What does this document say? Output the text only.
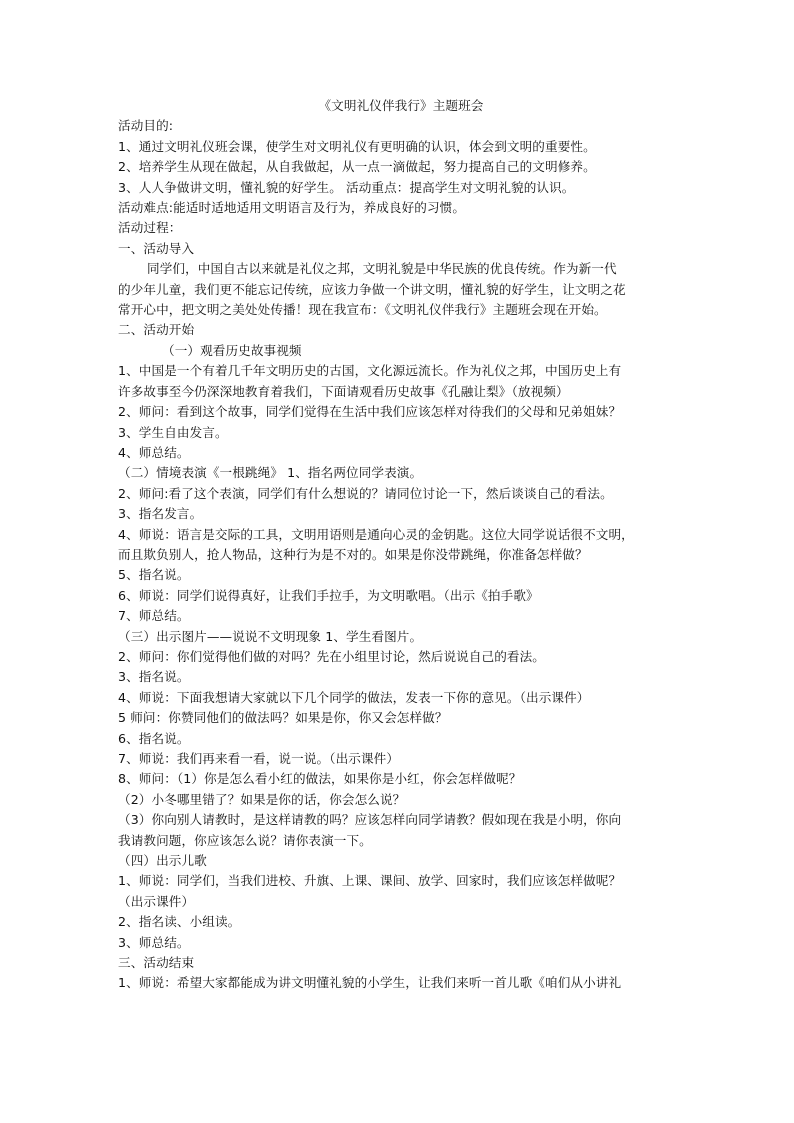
《文明礼仪伴我行》主题班会

活动目的:

1、通过文明礼仪班会课，使学生对文明礼仪有更明确的认识，体会到文明的重要性。

2、培养学生从现在做起，从自我做起，从一点一滴做起，努力提高自己的文明修养。

3、人人争做讲文明，懂礼貌的好学生。 活动重点：提高学生对文明礼貌的认识。

活动难点:能适时适地适用文明语言及行为，养成良好的习惯。

活动过程：

一、活动导入

同学们，中国自古以来就是礼仪之邦，文明礼貌是中华民族的优良传统。作为新一代

的少年儿童，我们更不能忘记传统，应该力争做一个讲文明，懂礼貌的好学生，让文明之花

常开心中，把文明之美处处传播！现在我宣布：《文明礼仪伴我行》主题班会现在开始。

二、活动开始

（一）观看历史故事视频

1、中国是一个有着几千年文明历史的古国，文化源远流长。作为礼仪之邦，中国历史上有

许多故事至今仍深深地教育着我们，下面请观看历史故事《孔融让梨》（放视频）

2、师问：看到这个故事，同学们觉得在生活中我们应该怎样对待我们的父母和兄弟姐妹？

3、学生自由发言。

4、师总结。

（二）情境表演《一根跳绳》 1、指名两位同学表演。

2、师问:看了这个表演，同学们有什么想说的？请同位讨论一下，然后谈谈自己的看法。

3、指名发言。

4、师说：语言是交际的工具，文明用语则是通向心灵的金钥匙。这位大同学说话很不文明，

而且欺负别人，抢人物品，这种行为是不对的。如果是你没带跳绳，你准备怎样做？

5、指名说。

6、师说：同学们说得真好，让我们手拉手，为文明歌唱。（出示《拍手歌》

7、师总结。

（三）出示图片——说说不文明现象 1、学生看图片。

2、师问：你们觉得他们做的对吗？先在小组里讨论，然后说说自己的看法。

3、指名说。

4、师说：下面我想请大家就以下几个同学的做法，发表一下你的意见。（出示课件）

5 师问：你赞同他们的做法吗？如果是你，你又会怎样做？

6、指名说。

7、师说：我们再来看一看，说一说。（出示课件）

8、师问：（1）你是怎么看小红的做法，如果你是小红，你会怎样做呢？

（2）小冬哪里错了？如果是你的话，你会怎么说？

（3）你向别人请教时，是这样请教的吗？应该怎样向同学请教？假如现在我是小明，你向

我请教问题，你应该怎么说？请你表演一下。

（四）出示儿歌

1、师说：同学们，当我们进校、升旗、上课、课间、放学、回家时，我们应该怎样做呢？

（出示课件）

2、指名读、小组读。

3、师总结。

三、活动结束

1、师说：希望大家都能成为讲文明懂礼貌的小学生，让我们来听一首儿歌《咱们从小讲礼
